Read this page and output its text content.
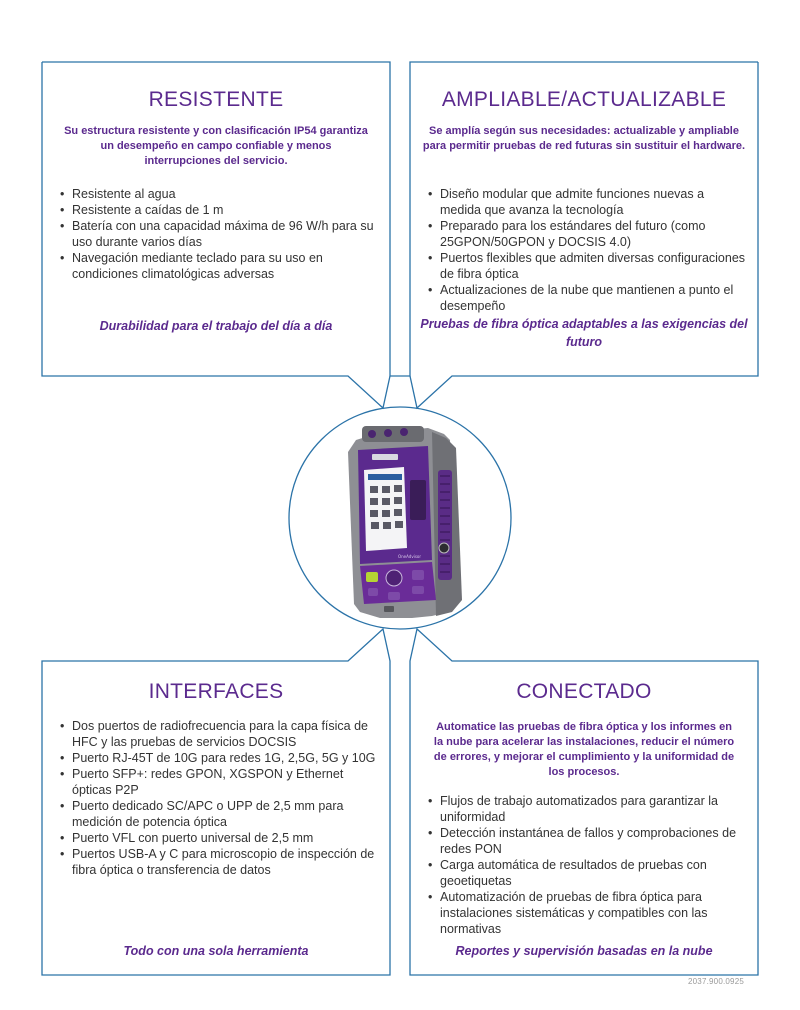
OneAdvisor
RESISTENTE

Su estructura resistente y con clasificación IP54 garantiza un desempeño en campo confiable y menos interrupciones del servicio.

• Resistente al agua
• Resistente a caídas de 1 m
• Batería con una capacidad máxima de 96 W/h para su uso durante varios días
• Navegación mediante teclado para su uso en condiciones climatológicas adversas

Durabilidad para el trabajo del día a día

AMPLIABLE/ACTUALIZABLE

Se amplía según sus necesidades: actualizable y ampliable para permitir pruebas de red futuras sin sustituir el hardware.

• Diseño modular que admite funciones nuevas a medida que avanza la tecnología
• Preparado para los estándares del futuro (como 25GPON/50GPON y DOCSIS 4.0)
• Puertos flexibles que admiten diversas configuraciones de fibra óptica
• Actualizaciones de la nube que mantienen a punto el desempeño

Pruebas de fibra óptica adaptables a las exigencias del futuro

INTERFACES
• Dos puertos de radiofrecuencia para la capa física de HFC y las pruebas de servicios DOCSIS
• Puerto RJ-45T de 10G para redes 1G, 2,5G, 5G y 10G
• Puerto SFP+: redes GPON, XGSPON y Ethernet ópticas P2P
• Puerto dedicado SC/APC o UPP de 2,5 mm para medición de potencia óptica
• Puerto VFL con puerto universal de 2,5 mm
• Puertos USB-A y C para microscopio de inspección de fibra óptica o transferencia de datos

Todo con una sola herramienta

CONECTADO

Automatice las pruebas de fibra óptica y los informes en la nube para acelerar las instalaciones, reducir el número de errores, y mejorar el cumplimiento y la uniformidad de los procesos.

• Flujos de trabajo automatizados para garantizar la uniformidad
• Detección instantánea de fallos y comprobaciones de redes PON
• Carga automática de resultados de pruebas con geoetiquetas
• Automatización de pruebas de fibra óptica para instalaciones sistemáticas y compatibles con las normativas

Reportes y supervisión basadas en la nube

2037.900.0925
